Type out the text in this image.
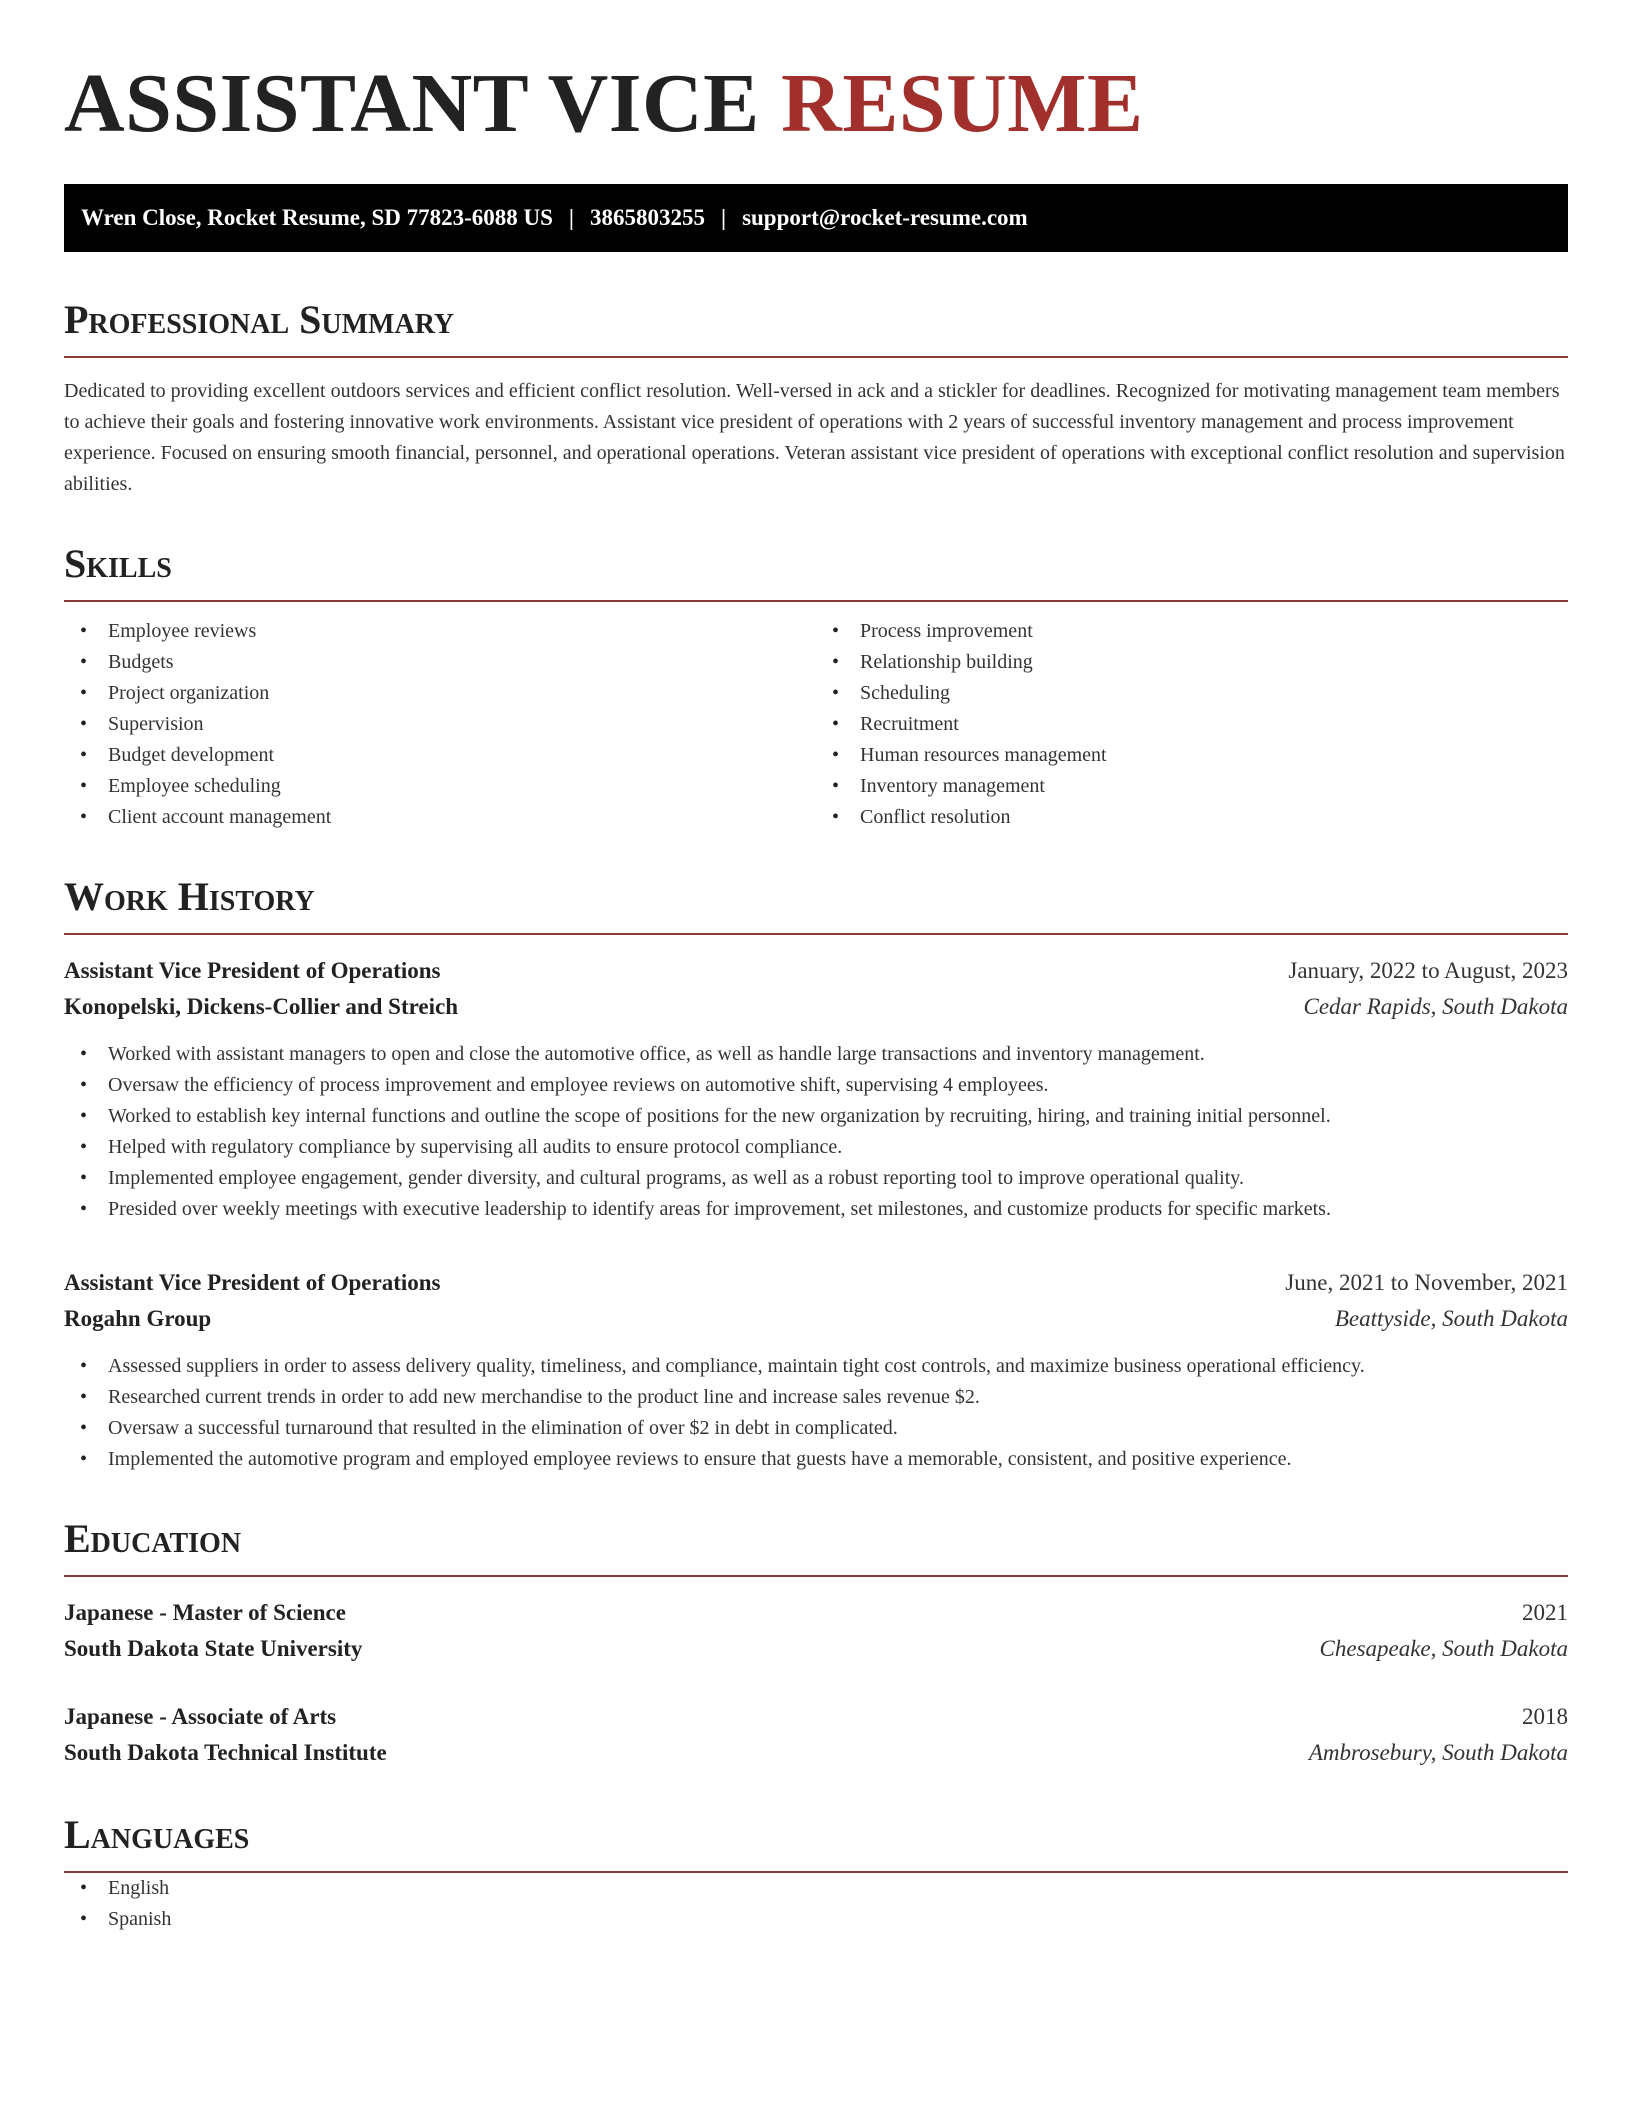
ASSISTANT VICE RESUME
Wren Close, Rocket Resume, SD 77823-6088 US | 3865803255 | support@rocket-resume.com
Professional Summary

Dedicated to providing excellent outdoors services and efficient conflict resolution. Well-versed in ack and a stickler for deadlines. Recognized for motivating management team members to achieve their goals and fostering innovative work environments. Assistant vice president of operations with 2 years of successful inventory management and process improvement experience. Focused on ensuring smooth financial, personnel, and operational operations. Veteran assistant vice president of operations with exceptional conflict resolution and supervision abilities.

Skills
• Employee reviews
• Budgets
• Project organization
• Supervision
• Budget development
• Employee scheduling
• Client account management
• Process improvement
• Relationship building
• Scheduling
• Recruitment
• Human resources management
• Inventory management
• Conflict resolution
Work History
Assistant Vice President of Operations	January, 2022 to August, 2023
Konopelski, Dickens-Collier and Streich	Cedar Rapids, South Dakota
• Worked with assistant managers to open and close the automotive office, as well as handle large transactions and inventory management.
• Oversaw the efficiency of process improvement and employee reviews on automotive shift, supervising 4 employees.
• Worked to establish key internal functions and outline the scope of positions for the new organization by recruiting, hiring, and training initial personnel.
• Helped with regulatory compliance by supervising all audits to ensure protocol compliance.
• Implemented employee engagement, gender diversity, and cultural programs, as well as a robust reporting tool to improve operational quality.
• Presided over weekly meetings with executive leadership to identify areas for improvement, set milestones, and customize products for specific markets.
Assistant Vice President of Operations	June, 2021 to November, 2021
Rogahn Group	Beattyside, South Dakota
• Assessed suppliers in order to assess delivery quality, timeliness, and compliance, maintain tight cost controls, and maximize business operational efficiency.
• Researched current trends in order to add new merchandise to the product line and increase sales revenue $2.
• Oversaw a successful turnaround that resulted in the elimination of over $2 in debt in complicated.
• Implemented the automotive program and employed employee reviews to ensure that guests have a memorable, consistent, and positive experience.
Education
Japanese - Master of Science	2021
South Dakota State University	Chesapeake, South Dakota
Japanese - Associate of Arts	2018
South Dakota Technical Institute	Ambrosebury, South Dakota
Languages
• English
• Spanish
